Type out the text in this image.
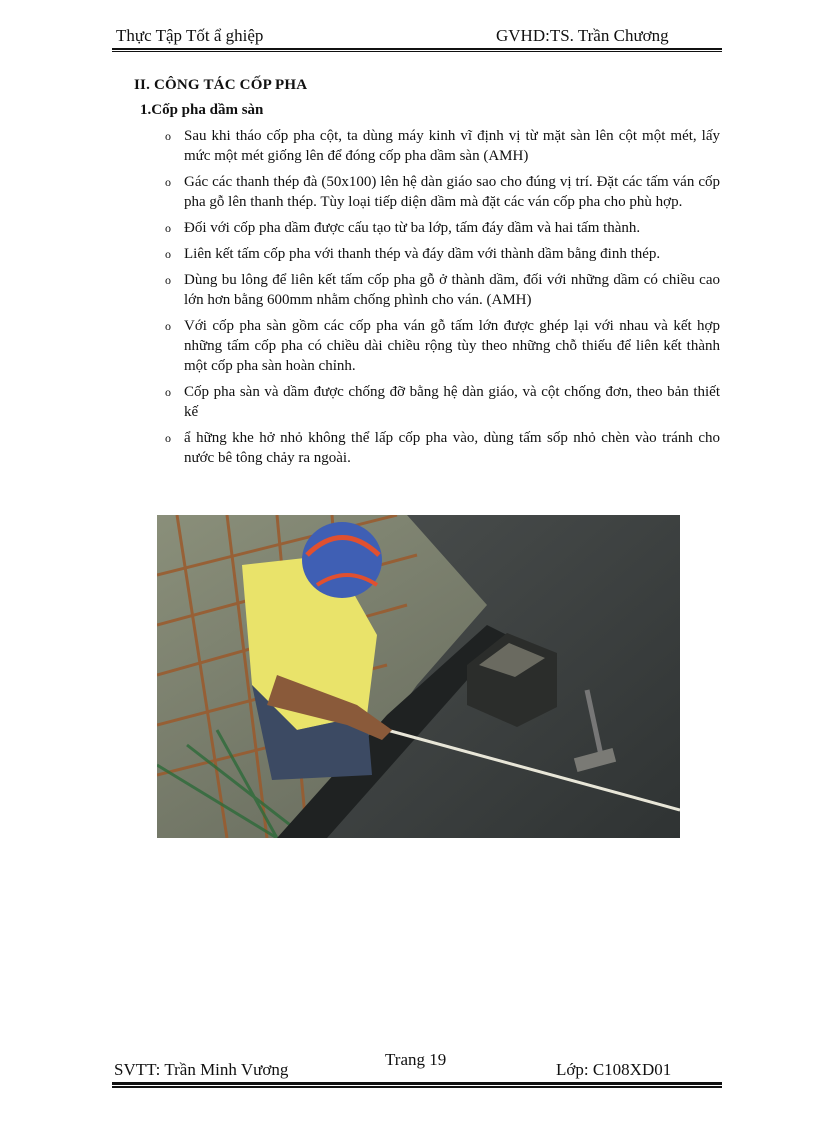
Thực Tập Tốt ẩ ghiệp	GVHD:TS. Trần Chương
II. CÔNG TÁC CỐP PHA
1.Cốp pha dầm sàn
o Sau khi tháo cốp pha cột, ta dùng máy kinh vĩ định vị từ mặt sàn lên cột một mét, lấy mức một mét giống lên để đóng cốp pha dầm sàn (AMH)
o Gác các thanh thép đà (50x100) lên hệ dàn giáo sao cho đúng vị trí. Đặt các tấm ván cốp pha gỗ lên thanh thép. Tùy loại tiếp diện dầm mà đặt các ván cốp pha cho phù hợp.
o Đối với cốp pha dầm được cấu tạo từ ba lớp, tấm đáy dầm và hai tấm thành.
o Liên kết tấm cốp pha với thanh thép và đáy dầm với thành dầm bằng đinh thép.
o Dùng bu lông để liên kết tấm cốp pha gỗ ở thành dầm, đối với những dầm có chiều cao lớn hơn bằng 600mm nhằm chống phình cho ván. (AMH)
o Với cốp pha sàn gồm các cốp pha ván gỗ tấm lớn được ghép lại với nhau và kết hợp những tấm cốp pha có chiều dài chiều rộng tùy theo những chỗ thiếu để liên kết thành một cốp pha sàn hoàn chỉnh.
o Cốp pha sàn và dầm được chống đỡ bằng hệ dàn giáo, và cột chống đơn, theo bản thiết kế
o ẩ hững khe hở nhỏ không thể lấp cốp pha vào, dùng tấm sốp nhỏ chèn vào tránh cho nước bê tông chảy ra ngoài.
SVTT: Trần Minh Vương
Trang 19
Lớp: C108XD01
